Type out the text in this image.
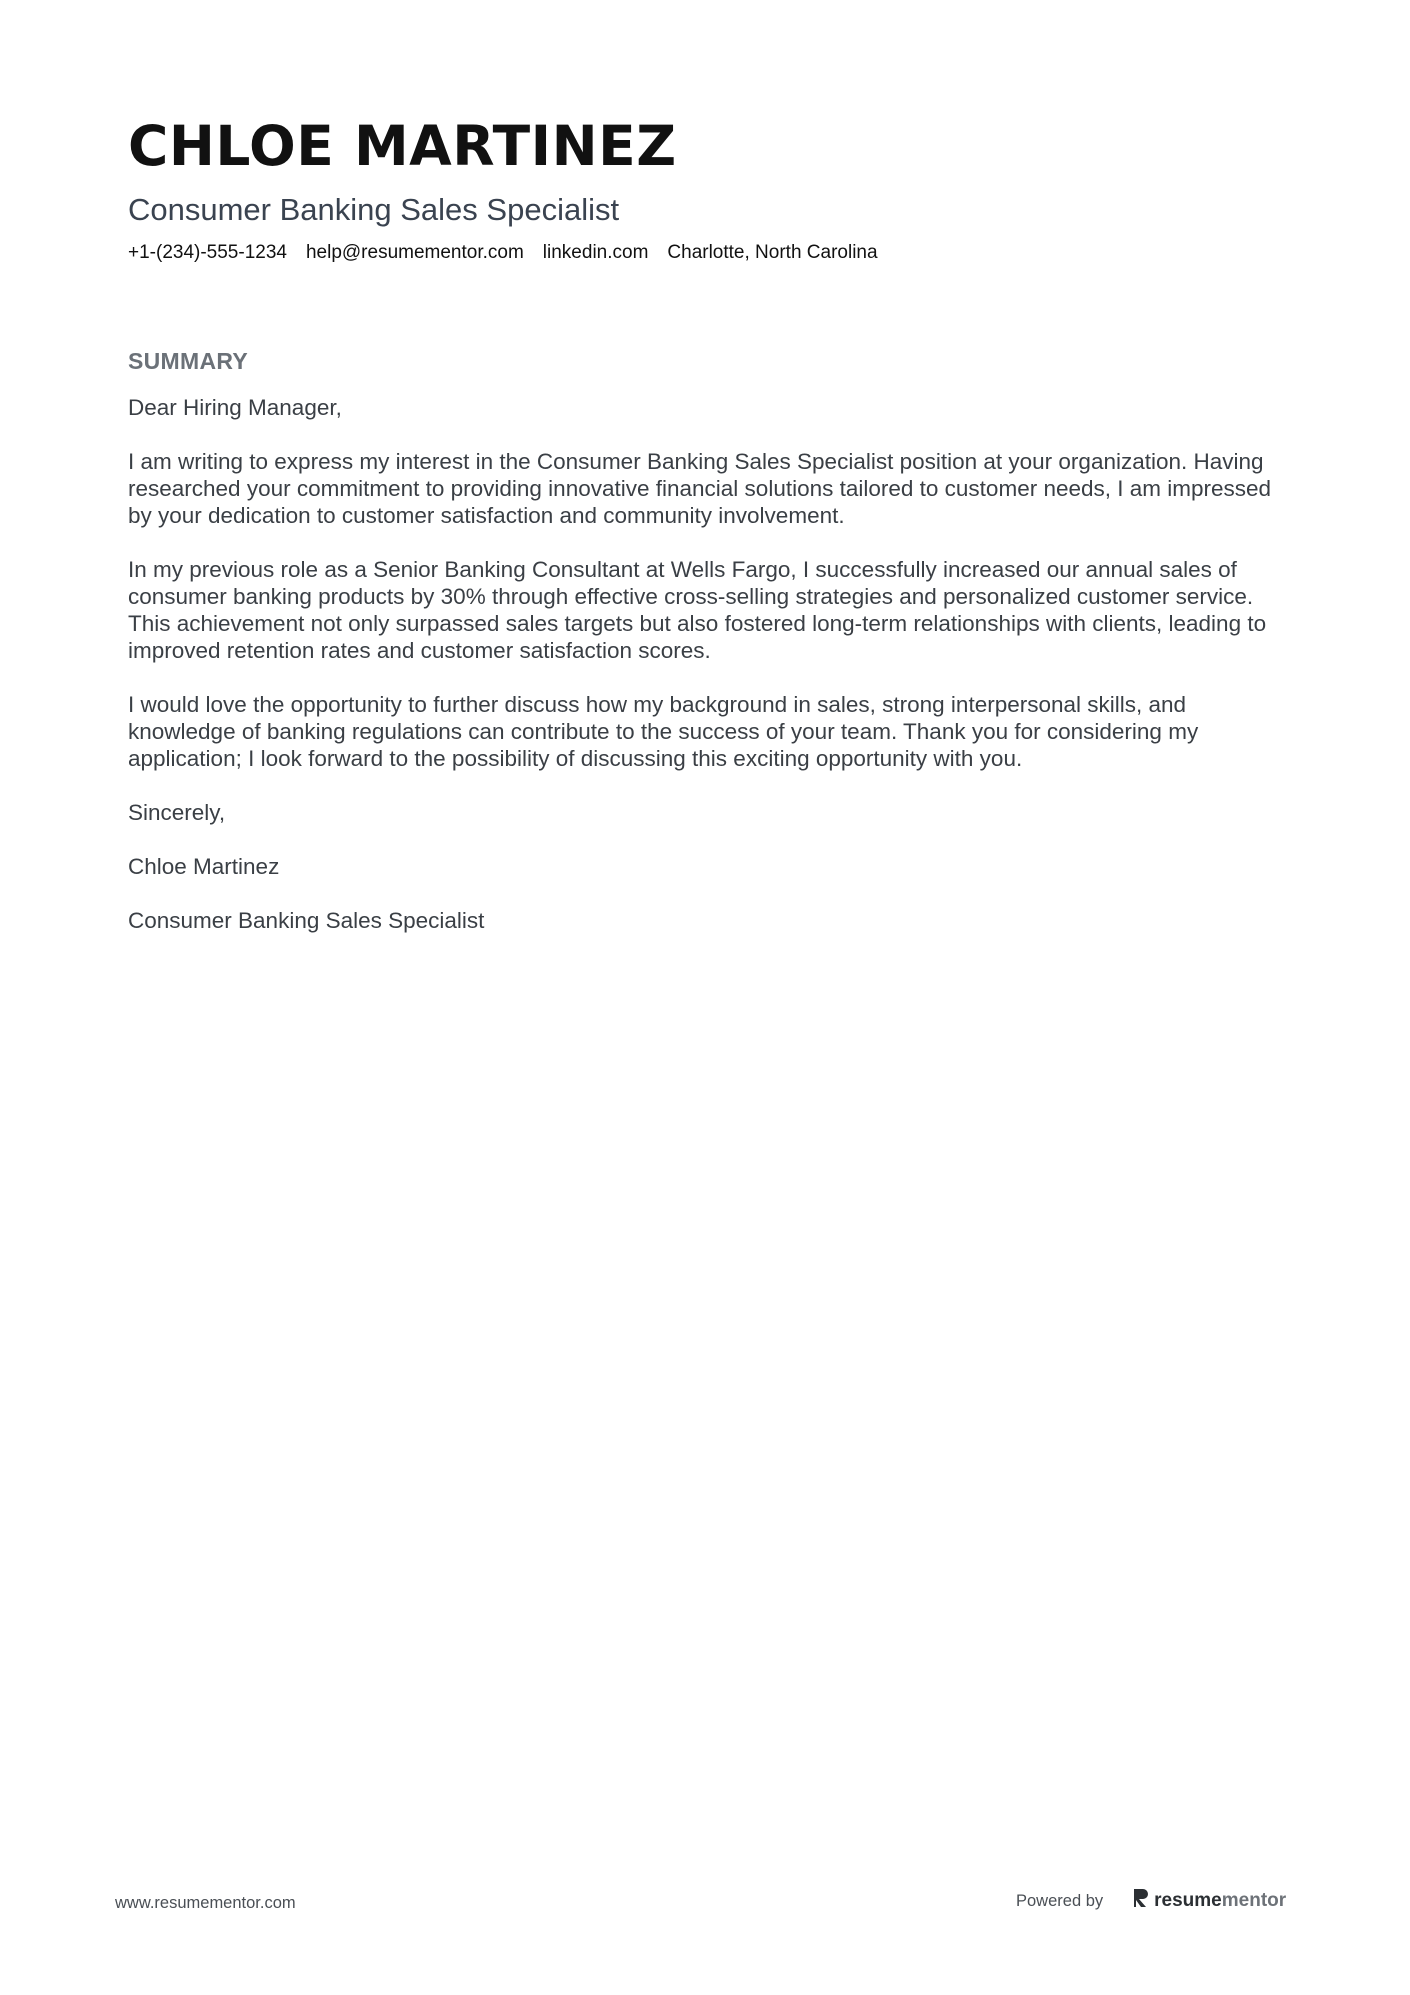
CHLOE MARTINEZ
Consumer Banking Sales Specialist
+1-(234)-555-1234 help@resumementor.com linkedin.com Charlotte, North Carolina
SUMMARY

Dear Hiring Manager,

I am writing to express my interest in the Consumer Banking Sales Specialist position at your organization. Having researched your commitment to providing innovative financial solutions tailored to customer needs, I am impressed by your dedication to customer satisfaction and community involvement.

In my previous role as a Senior Banking Consultant at Wells Fargo, I successfully increased our annual sales of consumer banking products by 30% through effective cross-selling strategies and personalized customer service. This achievement not only surpassed sales targets but also fostered long-term relationships with clients, leading to improved retention rates and customer satisfaction scores.

I would love the opportunity to further discuss how my background in sales, strong interpersonal skills, and knowledge of banking regulations can contribute to the success of your team. Thank you for considering my application; I look forward to the possibility of discussing this exciting opportunity with you.

Sincerely,

Chloe Martinez

Consumer Banking Sales Specialist

www.resumementor.com	Powered by	resumementor
